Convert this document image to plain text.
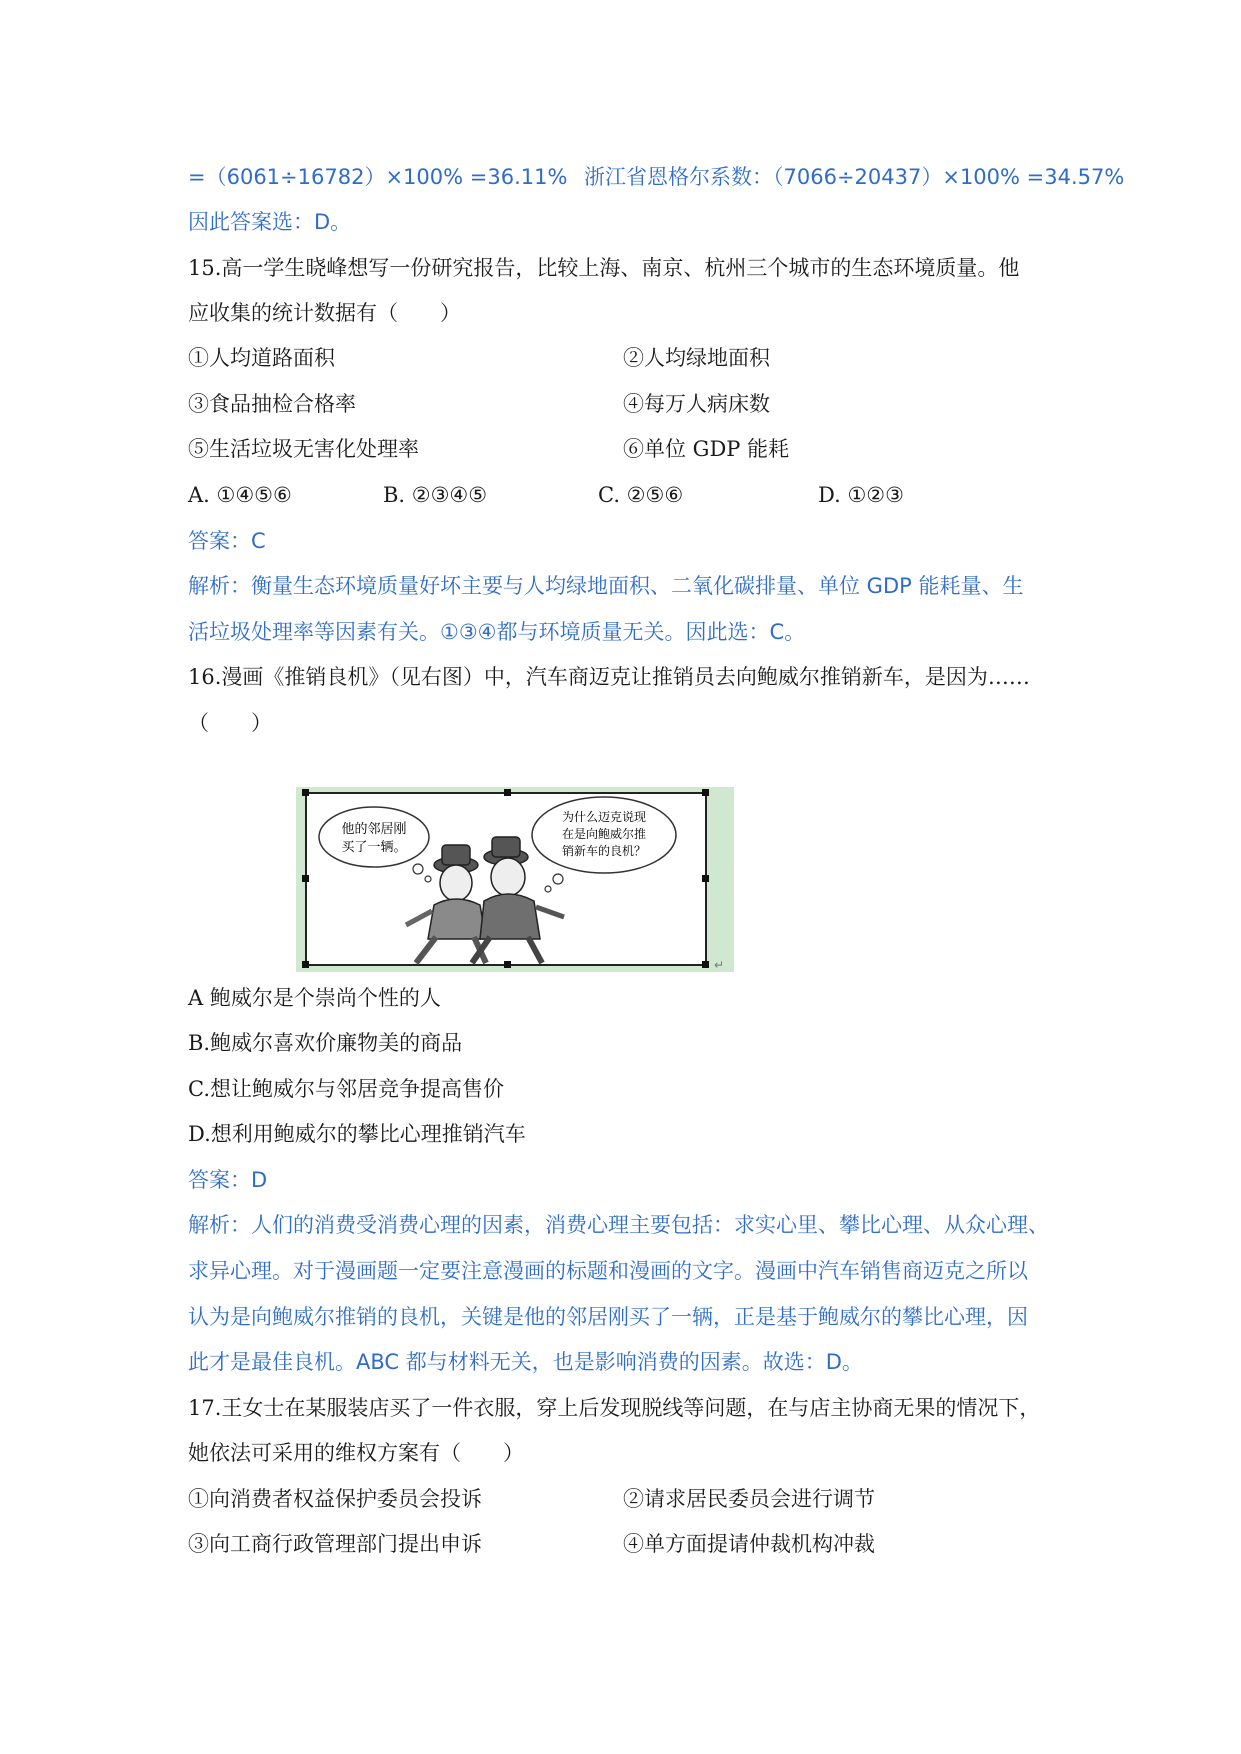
=（6061÷16782）×100% =36.11% 浙江省恩格尔系数：（7066÷20437）×100% =34.57%
因此答案选：D。
15.高一学生晓峰想写一份研究报告，比较上海、南京、杭州三个城市的生态环境质量。他
应收集的统计数据有（　　）
①人均道路面积	②人均绿地面积
③食品抽检合格率	④每万人病床数
⑤生活垃圾无害化处理率	⑥单位 GDP 能耗
A. ①④⑤⑥	B. ②③④⑤	C. ②⑤⑥	D. ①②③
答案：C
解析：衡量生态环境质量好坏主要与人均绿地面积、二氧化碳排量、单位 GDP 能耗量、生
活垃圾处理率等因素有关。①③④都与环境质量无关。因此选：C。
16.漫画《推销良机》（见右图）中，汽车商迈克让推销员去向鲍威尔推销新车，是因为……
（　　）
他的邻居刚
买了一辆。
为什么迈克说现
在是向鲍威尔推
销新车的良机？
↵
A 鲍威尔是个崇尚个性的人
B.鲍威尔喜欢价廉物美的商品
C.想让鲍威尔与邻居竞争提高售价
D.想利用鲍威尔的攀比心理推销汽车
答案：D
解析：人们的消费受消费心理的因素，消费心理主要包括：求实心里、攀比心理、从众心理、
求异心理。对于漫画题一定要注意漫画的标题和漫画的文字。漫画中汽车销售商迈克之所以
认为是向鲍威尔推销的良机，关键是他的邻居刚买了一辆，正是基于鲍威尔的攀比心理，因
此才是最佳良机。ABC 都与材料无关，也是影响消费的因素。故选：D。
17.王女士在某服装店买了一件衣服，穿上后发现脱线等问题，在与店主协商无果的情况下，
她依法可采用的维权方案有（　　）
①向消费者权益保护委员会投诉	②请求居民委员会进行调节
③向工商行政管理部门提出申诉	④单方面提请仲裁机构冲裁
